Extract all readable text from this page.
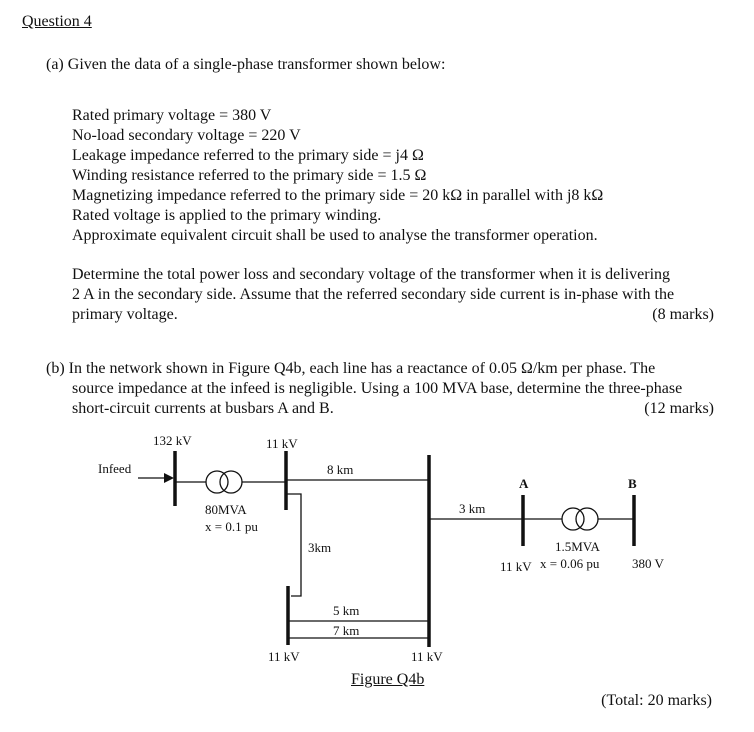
Question 4
(a) Given the data of a single-phase transformer shown below:
Rated primary voltage = 380 V
No-load secondary voltage = 220 V
Leakage impedance referred to the primary side = j4 Ω
Winding resistance referred to the primary side = 1.5 Ω
Magnetizing impedance referred to the primary side = 20 kΩ in parallel with j8 kΩ
Rated voltage is applied to the primary winding.
Approximate equivalent circuit shall be used to analyse the transformer operation.
Determine the total power loss and secondary voltage of the transformer when it is delivering
2 A in the secondary side. Assume that the referred secondary side current is in-phase with the
primary voltage.	(8 marks)
(b) In the network shown in Figure Q4b, each line has a reactance of 0.05 Ω/km per phase. The
source impedance at the infeed is negligible. Using a 100 MVA base, determine the three-phase
short-circuit currents at busbars A and B.	(12 marks)
132 kV	11 kV
Infeed	8 km
80MVA
x = 0.1 pu
3km
3 km
A	B
1.5MVA
x = 0.06 pu
11 kV	380 V
5 km
7 km
11 kV	11 kV
Figure Q4b
(Total: 20 marks)
